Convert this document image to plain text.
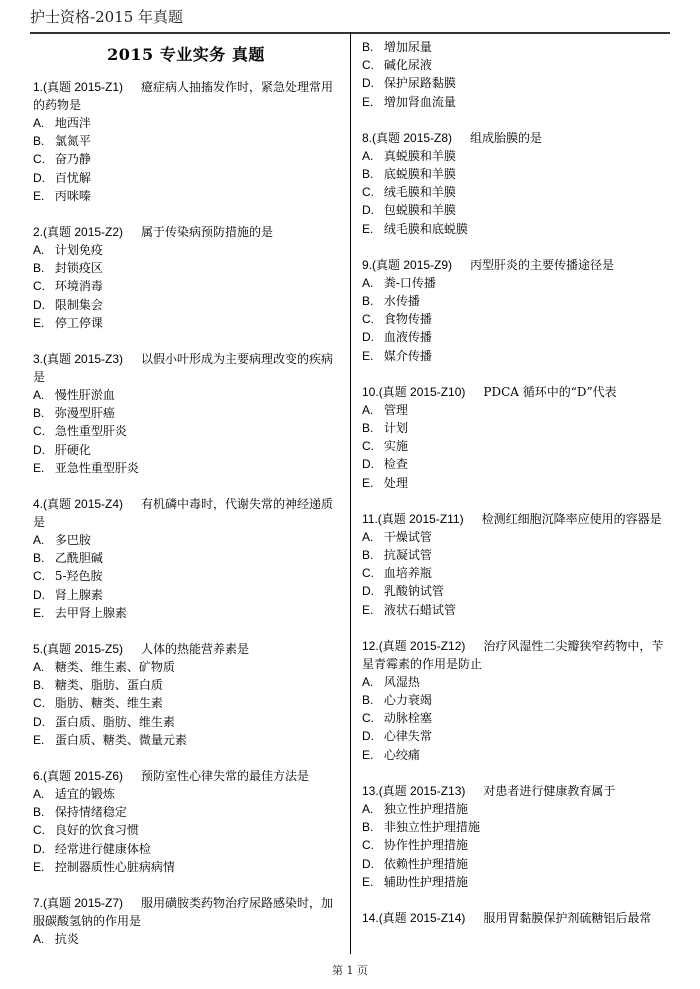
护士资格-2015 年真题
2015 专业实务 真题
1.(真题 2015-Z1) 癔症病人抽搐发作时，紧急处理常用的药物是
A. 地西泮
B. 氯氮平
C. 奋乃静
D. 百忧解
E. 丙咪嗪
2.(真题 2015-Z2) 属于传染病预防措施的是
A. 计划免疫
B. 封锁疫区
C. 环境消毒
D. 限制集会
E. 停工停课
3.(真题 2015-Z3) 以假小叶形成为主要病理改变的疾病是
A. 慢性肝淤血
B. 弥漫型肝癌
C. 急性重型肝炎
D. 肝硬化
E. 亚急性重型肝炎
4.(真题 2015-Z4) 有机磷中毒时，代谢失常的神经递质是
A. 多巴胺
B. 乙酰胆碱
C. 5-羟色胺
D. 肾上腺素
E. 去甲肾上腺素
5.(真题 2015-Z5) 人体的热能营养素是
A. 糖类、维生素、矿物质
B. 糖类、脂肪、蛋白质
C. 脂肪、糖类、维生素
D. 蛋白质、脂肪、维生素
E. 蛋白质、糖类、微量元素
6.(真题 2015-Z6) 预防室性心律失常的最佳方法是
A. 适宜的锻炼
B. 保持情绪稳定
C. 良好的饮食习惯
D. 经常进行健康体检
E. 控制器质性心脏病病情
7.(真题 2015-Z7) 服用磺胺类药物治疗尿路感染时，加服碳酸氢钠的作用是
A. 抗炎
B. 增加尿量
C. 碱化尿液
D. 保护尿路黏膜
E. 增加肾血流量
8.(真题 2015-Z8) 组成胎膜的是
A. 真蜕膜和羊膜
B. 底蜕膜和羊膜
C. 绒毛膜和羊膜
D. 包蜕膜和羊膜
E. 绒毛膜和底蜕膜
9.(真题 2015-Z9) 丙型肝炎的主要传播途径是
A. 粪-口传播
B. 水传播
C. 食物传播
D. 血液传播
E. 媒介传播
10.(真题 2015-Z10) PDCA 循环中的“D”代表
A. 管理
B. 计划
C. 实施
D. 检查
E. 处理
11.(真题 2015-Z11) 检测红细胞沉降率应使用的容器是
A. 干燥试管
B. 抗凝试管
C. 血培养瓶
D. 乳酸钠试管
E. 液状石蜡试管
12.(真题 2015-Z12) 治疗风湿性二尖瓣狭窄药物中，苄星青霉素的作用是防止
A. 风湿热
B. 心力衰竭
C. 动脉栓塞
D. 心律失常
E. 心绞痛
13.(真题 2015-Z13) 对患者进行健康教育属于
A. 独立性护理措施
B. 非独立性护理措施
C. 协作性护理措施
D. 依赖性护理措施
E. 辅助性护理措施
14.(真题 2015-Z14) 服用胃黏膜保护剂硫糖铝后最常
第 1 页
